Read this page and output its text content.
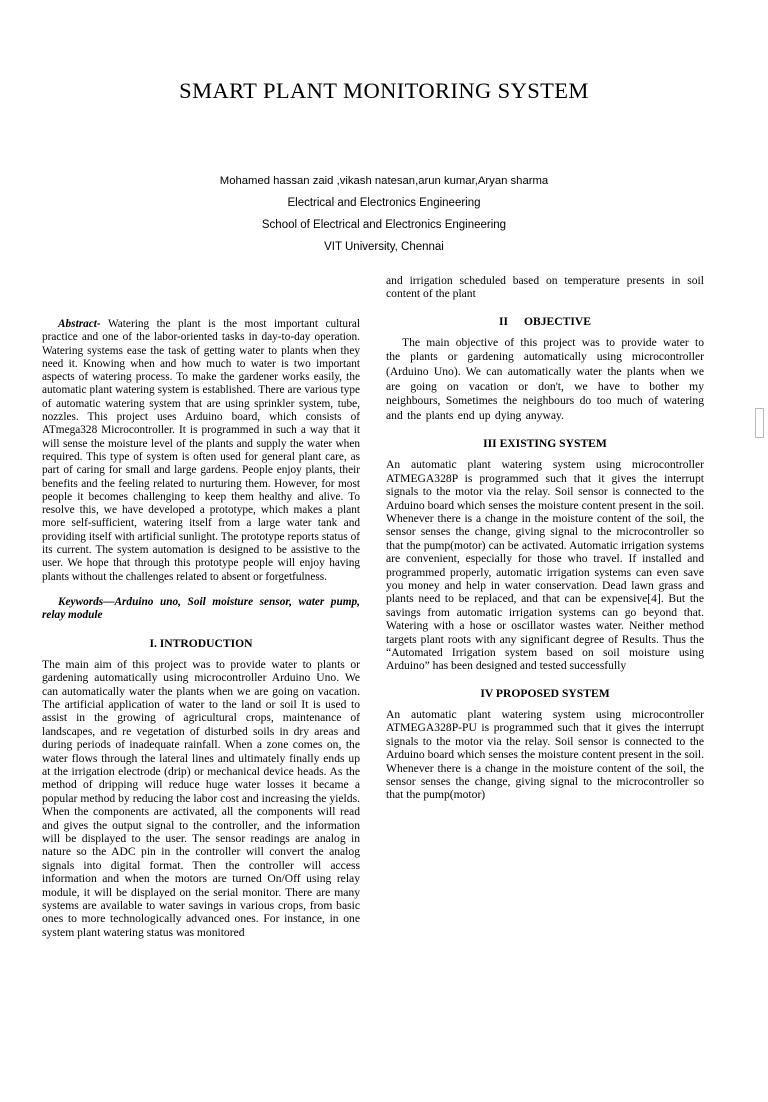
SMART PLANT MONITORING SYSTEM
Mohamed hassan zaid ,vikash natesan,arun kumar,Aryan sharma
Electrical and Electronics Engineering
School of Electrical and Electronics Engineering
VIT University, Chennai

Abstract- Watering the plant is the most important cultural practice and one of the labor-oriented tasks in day-to-day operation. Watering systems ease the task of getting water to plants when they need it. Knowing when and how much to water is two important aspects of watering process. To make the gardener works easily, the automatic plant watering system is established. There are various type of automatic watering system that are using sprinkler system, tube, nozzles. This project uses Arduino board, which consists of ATmega328 Microcontroller. It is programmed in such a way that it will sense the moisture level of the plants and supply the water when required. This type of system is often used for general plant care, as part of caring for small and large gardens. People enjoy plants, their benefits and the feeling related to nurturing them. However, for most people it becomes challenging to keep them healthy and alive. To resolve this, we have developed a prototype, which makes a plant more self-sufficient, watering itself from a large water tank and providing itself with artificial sunlight. The prototype reports status of its current. The system automation is designed to be assistive to the user. We hope that through this prototype people will enjoy having plants without the challenges related to absent or forgetfulness.

Keywords—Arduino uno, Soil moisture sensor, water pump, relay module

I. INTRODUCTION

The main aim of this project was to provide water to plants or gardening automatically using microcontroller Arduino Uno. We can automatically water the plants when we are going on vacation. The artificial application of water to the land or soil It is used to assist in the growing of agricultural crops, maintenance of landscapes, and re vegetation of disturbed soils in dry areas and during periods of inadequate rainfall. When a zone comes on, the water flows through the lateral lines and ultimately finally ends up at the irrigation electrode (drip) or mechanical device heads. As the method of dripping will reduce huge water losses it became a popular method by reducing the labor cost and increasing the yields. When the components are activated, all the components will read and gives the output signal to the controller, and the information will be displayed to the user. The sensor readings are analog in nature so the ADC pin in the controller will convert the analog signals into digital format. Then the controller will access information and when the motors are turned On/Off using relay module, it will be displayed on the serial monitor. There are many systems are available to water savings in various crops, from basic ones to more technologically advanced ones. For instance, in one system plant watering status was monitored

and irrigation scheduled based on temperature presents in soil content of the plant

II OBJECTIVE

The main objective of this project was to provide water to the plants or gardening automatically using microcontroller (Arduino Uno). We can automatically water the plants when we are going on vacation or don't, we have to bother my neighbours, Sometimes the neighbours do too much of watering and the plants end up dying anyway.

III EXISTING SYSTEM

An automatic plant watering system using microcontroller ATMEGA328P is programmed such that it gives the interrupt signals to the motor via the relay. Soil sensor is connected to the Arduino board which senses the moisture content present in the soil. Whenever there is a change in the moisture content of the soil, the sensor senses the change, giving signal to the microcontroller so that the pump(motor) can be activated. Automatic irrigation systems are convenient, especially for those who travel. If installed and programmed properly, automatic irrigation systems can even save you money and help in water conservation. Dead lawn grass and plants need to be replaced, and that can be expensive[4]. But the savings from automatic irrigation systems can go beyond that. Watering with a hose or oscillator wastes water. Neither method targets plant roots with any significant degree of Results. Thus the “Automated Irrigation system based on soil moisture using Arduino” has been designed and tested successfully

IV PROPOSED SYSTEM

An automatic plant watering system using microcontroller ATMEGA328P-PU is programmed such that it gives the interrupt signals to the motor via the relay. Soil sensor is connected to the Arduino board which senses the moisture content present in the soil. Whenever there is a change in the moisture content of the soil, the sensor senses the change, giving signal to the microcontroller so that the pump(motor)
